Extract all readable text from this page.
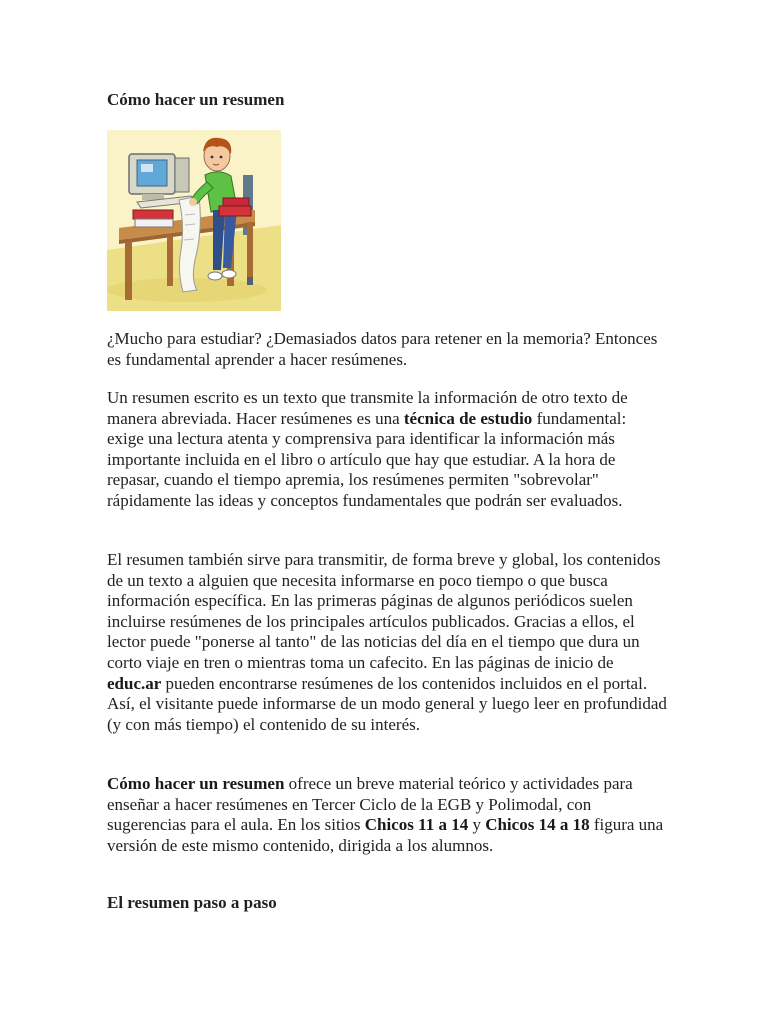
Cómo hacer un resumen

¿Mucho para estudiar? ¿Demasiados datos para retener en la memoria? Entonces es fundamental aprender a hacer resúmenes.

Un resumen escrito es un texto que transmite la información de otro texto de manera abreviada. Hacer resúmenes es una técnica de estudio fundamental: exige una lectura atenta y comprensiva para identificar la información más importante incluida en el libro o artículo que hay que estudiar. A la hora de repasar, cuando el tiempo apremia, los resúmenes permiten "sobrevolar" rápidamente las ideas y conceptos fundamentales que podrán ser evaluados.

El resumen también sirve para transmitir, de forma breve y global, los contenidos de un texto a alguien que necesita informarse en poco tiempo o que busca información específica. En las primeras páginas de algunos periódicos suelen incluirse resúmenes de los principales artículos publicados. Gracias a ellos, el lector puede "ponerse al tanto" de las noticias del día en el tiempo que dura un corto viaje en tren o mientras toma un cafecito. En las páginas de inicio de educ.ar pueden encontrarse resúmenes de los contenidos incluidos en el portal. Así, el visitante puede informarse de un modo general y luego leer en profundidad (y con más tiempo) el contenido de su interés.

Cómo hacer un resumen ofrece un breve material teórico y actividades para enseñar a hacer resúmenes en Tercer Ciclo de la EGB y Polimodal, con sugerencias para el aula. En los sitios Chicos 11 a 14 y Chicos 14 a 18 figura una versión de este mismo contenido, dirigida a los alumnos.

El resumen paso a paso
